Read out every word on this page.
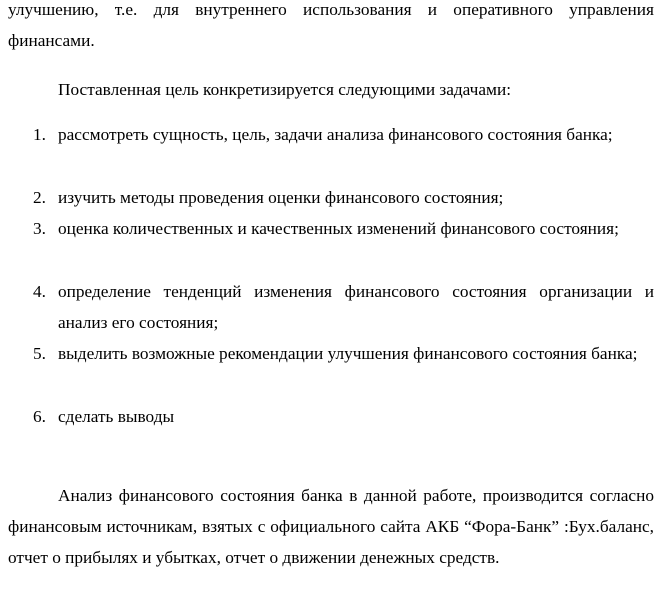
улучшению, т.е. для внутреннего использования и оперативного управления финансами.

Поставленная цель конкретизируется следующими задачами:

1. рассмотреть сущность, цель, задачи анализа финансового состояния банка;
2. изучить методы проведения оценки финансового состояния;
3. оценка количественных и качественных изменений финансового состояния;
4. определение тенденций изменения финансового состояния организации и анализ его состояния;
5. выделить возможные рекомендации улучшения финансового состояния банка;
6. сделать выводы

Анализ финансового состояния банка в данной работе, производится согласно финансовым источникам, взятых с официального сайта АКБ “Фора-Банк” :Бух.баланс, отчет о прибылях и убытках, отчет о движении денежных средств.
